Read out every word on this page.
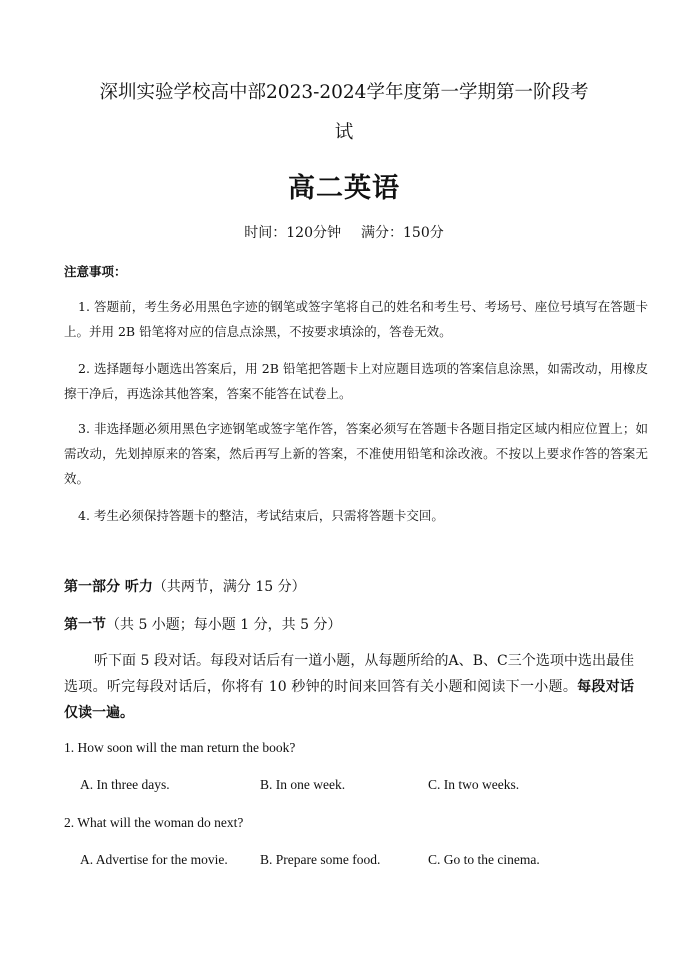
深圳实验学校高中部2023-2024学年度第一学期第一阶段考
试
高二英语
时间：120分钟 满分：150分
注意事项：
1. 答题前，考生务必用黑色字迹的钢笔或签字笔将自己的姓名和考生号、考场号、座位号填写在答题卡上。并用 2B 铅笔将对应的信息点涂黑，不按要求填涂的，答卷无效。
2. 选择题每小题选出答案后，用 2B 铅笔把答题卡上对应题目选项的答案信息涂黑，如需改动，用橡皮擦干净后，再选涂其他答案，答案不能答在试卷上。
3. 非选择题必须用黑色字迹钢笔或签字笔作答，答案必须写在答题卡各题目指定区域内相应位置上；如需改动，先划掉原来的答案，然后再写上新的答案，不准使用铅笔和涂改液。不按以上要求作答的答案无效。
4. 考生必须保持答题卡的整洁，考试结束后，只需将答题卡交回。
第一部分 听力（共两节，满分 15 分）
第一节（共 5 小题；每小题 1 分，共 5 分）
听下面 5 段对话。每段对话后有一道小题，从每题所给的A、B、C三个选项中选出最佳选项。听完每段对话后，你将有 10 秒钟的时间来回答有关小题和阅读下一小题。每段对话仅读一遍。
1. How soon will the man return the book?
A. In three days.	B. In one week.	C. In two weeks.
2. What will the woman do next?
A. Advertise for the movie. B. Prepare some food.	C. Go to the cinema.
